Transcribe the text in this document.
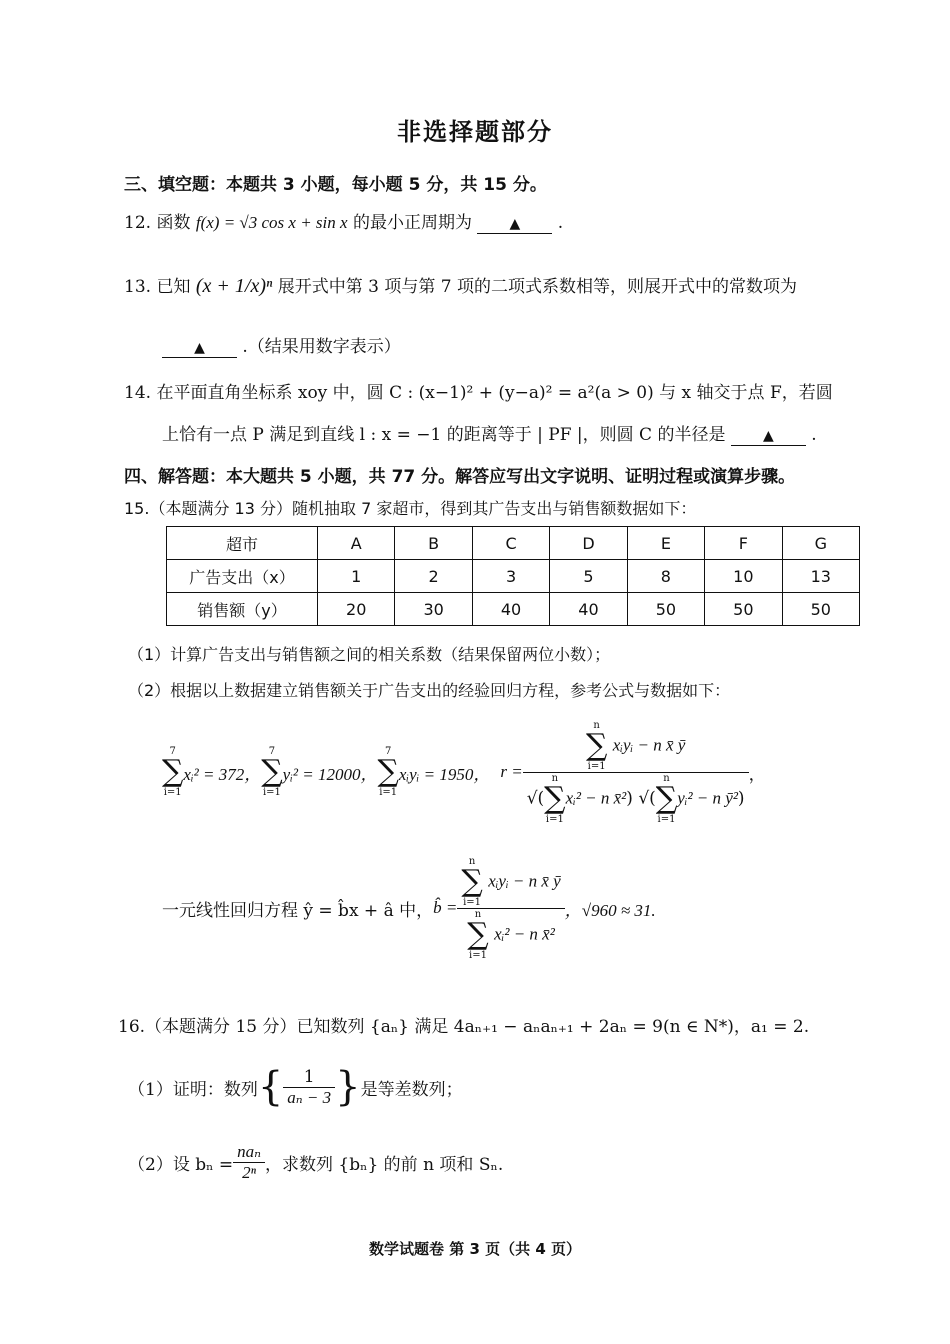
非选择题部分
三、填空题：本题共 3 小题，每小题 5 分，共 15 分。
12. 函数 f(x) = √3 cos x + sin x 的最小正周期为	▲ .
13. 已知 (x + 1/x)ⁿ 展开式中第 3 项与第 7 项的二项式系数相等，则展开式中的常数项为
▲ .（结果用数字表示）
14. 在平面直角坐标系 xoy 中，圆 C : (x−1)² + (y−a)² = a²(a > 0) 与 x 轴交于点 F，若圆
上恰有一点 P 满足到直线 l : x = −1 的距离等于 | PF |，则圆 C 的半径是	▲ .
四、解答题：本大题共 5 小题，共 77 分。解答应写出文字说明、证明过程或演算步骤。
15.（本题满分 13 分）随机抽取 7 家超市，得到其广告支出与销售额数据如下：
超市	A	B	C	D	E	F	G
广告支出（x）	1	2	3	5	8	10	13
销售额（y）	20	30	40	40	50	50	50
（1）计算广告支出与销售额之间的相关系数（结果保留两位小数）；
（2）根据以上数据建立销售额关于广告支出的经验回归方程，参考公式与数据如下：
7
∑
i=1
xᵢ² = 372，
7
∑
i=1
yᵢ² = 12000，
7
∑
i=1
xᵢyᵢ = 1950， r = n
∑
i=1
xᵢyᵢ − n x̄ ȳ
√(
n
∑
i=1
xᵢ² − n x̄²) √(
n
∑
i=1
yᵢ² − n ȳ²) ，
一元线性回归方程 ŷ = b̂x + â 中， b̂ = n
∑
i=1
xᵢyᵢ − n x̄ ȳ
n
∑
i=1
xᵢ² − n x̄² ，√960 ≈ 31.
16.（本题满分 15 分）已知数列 {aₙ} 满足 4aₙ₊₁ − aₙaₙ₊₁ + 2aₙ = 9(n ∈ N*)，a₁ = 2.
（1）证明：数列 { $\frac{1}{\text{aₙ − 3}}$ } 是等差数列；
（2）设 $b_n = \frac{\text{naₙ}}{\text{2ⁿ}}$ ，求数列 {bₙ} 的前 n 项和 Sₙ.
数学试题卷 第 3 页（共 4 页）
